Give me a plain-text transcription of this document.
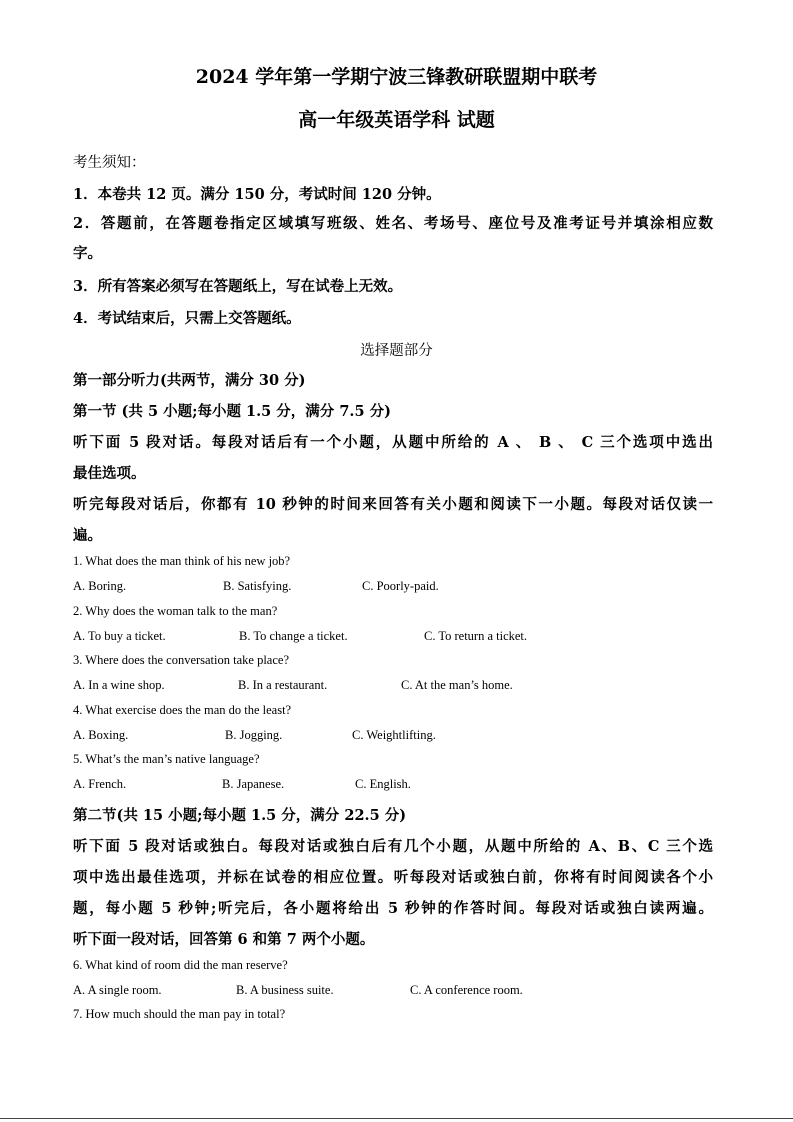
2024 学年第一学期宁波三锋教研联盟期中联考
高一年级英语学科 试题
考生须知：
1．本卷共 12 页。满分 150 分，考试时间 120 分钟。
2．答题前，在答题卷指定区域填写班级、姓名、考场号、座位号及准考证号并填涂相应数
字。
3．所有答案必须写在答题纸上，写在试卷上无效。
4．考试结束后，只需上交答题纸。
选择题部分
第一部分听力(共两节，满分 30 分)
第一节 (共 5 小题;每小题 1.5 分，满分 7.5 分)
听下面 5 段对话。每段对话后有一个小题，从题中所给的 A 、 B 、 C 三个选项中选出
最佳选项。
听完每段对话后，你都有 10 秒钟的时间来回答有关小题和阅读下一小题。每段对话仅读一
遍。
1. What does the man think of his new job?
A. Boring.	B. Satisfying.	C. Poorly-paid.
2. Why does the woman talk to the man?
A. To buy a ticket.	B. To change a ticket.	C. To return a ticket.
3. Where does the conversation take place?
A. In a wine shop.	B. In a restaurant.	C. At the man’s home.
4. What exercise does the man do the least?
A. Boxing.	B. Jogging.	C. Weightlifting.
5. What’s the man’s native language?
A. French.	B. Japanese.	C. English.
第二节(共 15 小题;每小题 1.5 分，满分 22.5 分)
听下面 5 段对话或独白。每段对话或独白后有几个小题，从题中所给的 A、B、C 三个选
项中选出最佳选项，并标在试卷的相应位置。听每段对话或独白前，你将有时间阅读各个小
题，每小题 5 秒钟;听完后，各小题将给出 5 秒钟的作答时间。每段对话或独白读两遍。
听下面一段对话，回答第 6 和第 7 两个小题。
6. What kind of room did the man reserve?
A. A single room.	B. A business suite.	C. A conference room.
7. How much should the man pay in total?
